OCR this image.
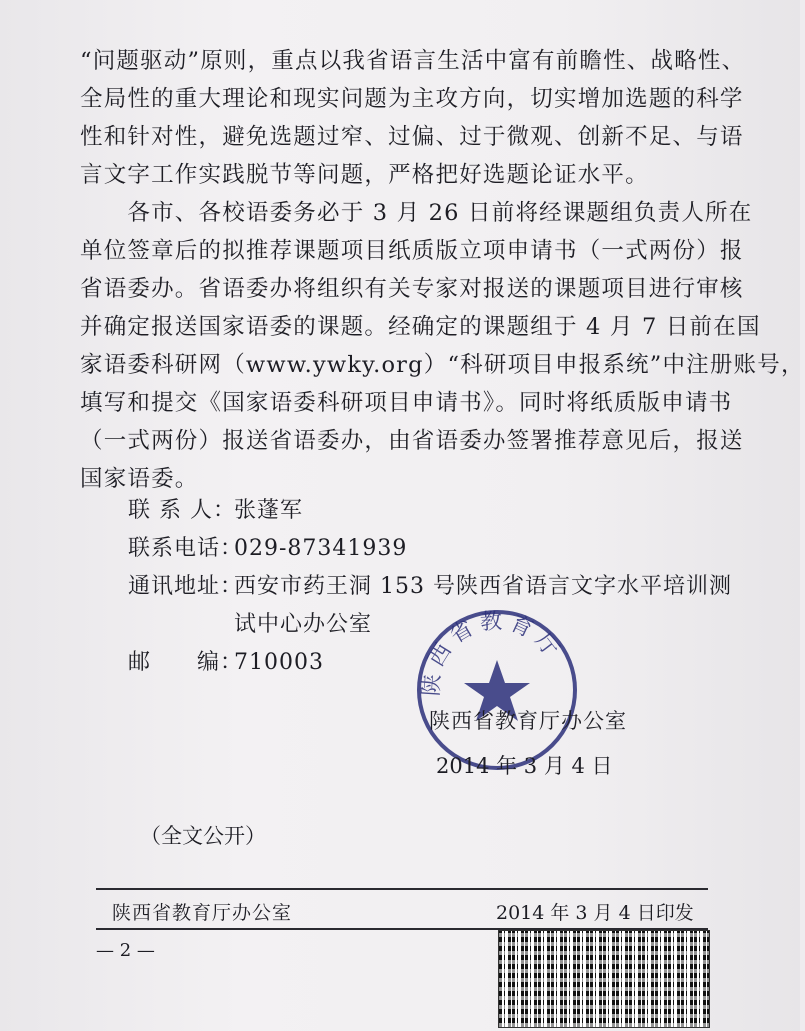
“问题驱动”原则，重点以我省语言生活中富有前瞻性、战略性、
全局性的重大理论和现实问题为主攻方向，切实增加选题的科学
性和针对性，避免选题过窄、过偏、过于微观、创新不足、与语
言文字工作实践脱节等问题，严格把好选题论证水平。
　　各市、各校语委务必于 3 月 26 日前将经课题组负责人所在
单位签章后的拟推荐课题项目纸质版立项申请书（一式两份）报
省语委办。省语委办将组织有关专家对报送的课题项目进行审核
并确定报送国家语委的课题。经确定的课题组于 4 月 7 日前在国
家语委科研网（www.ywky.org）“科研项目申报系统”中注册账号，
填写和提交《国家语委科研项目申请书》。同时将纸质版申请书
（一式两份）报送省语委办，由省语委办签署推荐意见后，报送
国家语委。
联 系 人：张蓬军
联系电话：029-87341939
通讯地址：西安市药王洞 153 号陕西省语言文字水平培训测
试中心办公室
邮　　编：710003
陕西省教育厅
陕西省教育厅办公室
2014 年 3 月 4 日
（全文公开）
陕西省教育厅办公室	2014 年 3 月 4 日印发
— 2 —
